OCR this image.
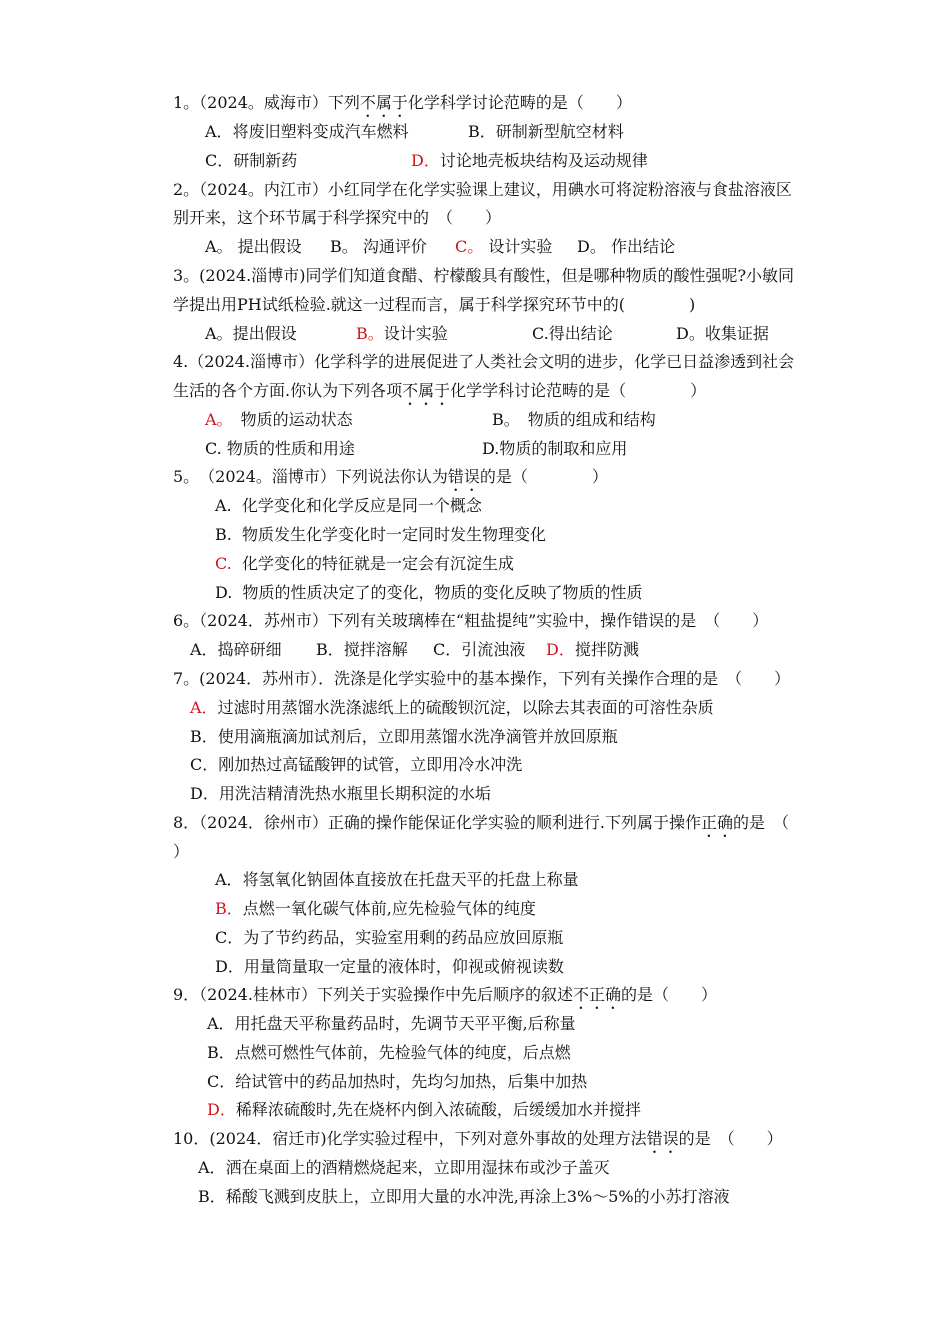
1。（2024。威海市）下列不属于化学科学讨论范畴的是（　　）
A．将废旧塑料变成汽车燃料	B．研制新型航空材料
C．研制新药	D．讨论地壳板块结构及运动规律
2。（2024。内江市）小红同学在化学实验课上建议，用碘水可将淀粉溶液与食盐溶液区
别开来，这个环节属于科学探究中的　（　　）
A。 提出假设 B。 沟通评价 C。 设计实验 D。 作出结论
3。(2024.淄博市)同学们知道食醋、柠檬酸具有酸性，但是哪种物质的酸性强呢?小敏同
学提出用PH试纸检验.就这一过程而言，属于科学探究环节中的(　　　　)
A。提出假设	B。设计实验	C.得出结论	D。收集证据
4.（2024.淄博市）化学科学的进展促进了人类社会文明的进步，化学已日益渗透到社会
生活的各个方面.你认为下列各项不属于化学学科讨论范畴的是（　　　　）
A。　 物质的运动状态	B。　 物质的组成和结构
C. 物质的性质和用途	D.物质的制取和应用
5。　（2024。淄博市）下列说法你认为错误的是（　　　　）
A. 化学变化和化学反应是同一个概念
B. 物质发生化学变化时一定同时发生物理变化
C. 化学变化的特征就是一定会有沉淀生成
D. 物质的性质决定了的变化，物质的变化反映了物质的性质
6。（2024．苏州市）下列有关玻璃棒在“粗盐提纯”实验中，操作错误的是　（　　）
A．捣碎研细 B．搅拌溶解 C．引流浊液 D．搅拌防溅
7。(2024．苏州市）．洗涤是化学实验中的基本操作，下列有关操作合理的是　（　　）
A．过滤时用蒸馏水洗涤滤纸上的硫酸钡沉淀，以除去其表面的可溶性杂质
B．使用滴瓶滴加试剂后，立即用蒸馏水洗净滴管并放回原瓶
C．刚加热过高锰酸钾的试管，立即用冷水冲洗
D．用洗洁精清洗热水瓶里长期积淀的水垢
8．（2024．徐州市）正确的操作能保证化学实验的顺利进行.下列属于操作正确的是　（
）
A．将氢氧化钠固体直接放在托盘天平的托盘上称量
B．点燃一氧化碳气体前,应先检验气体的纯度
C．为了节约药品，实验室用剩的药品应放回原瓶
D．用量筒量取一定量的液体时，仰视或俯视读数
9．（2024.桂林市）下列关于实验操作中先后顺序的叙述不正确的是（　　）
A．用托盘天平称量药品时，先调节天平平衡,后称量
B．点燃可燃性气体前，先检验气体的纯度，后点燃
C．给试管中的药品加热时，先均匀加热，后集中加热
D．稀释浓硫酸时,先在烧杯内倒入浓硫酸，后缓缓加水并搅拌
10．(2024．宿迁市)化学实验过程中，下列对意外事故的处理方法错误的是　（　　）
A．洒在桌面上的酒精燃烧起来，立即用湿抹布或沙子盖灭
B．稀酸飞溅到皮肤上，立即用大量的水冲洗,再涂上3%～5%的小苏打溶液
